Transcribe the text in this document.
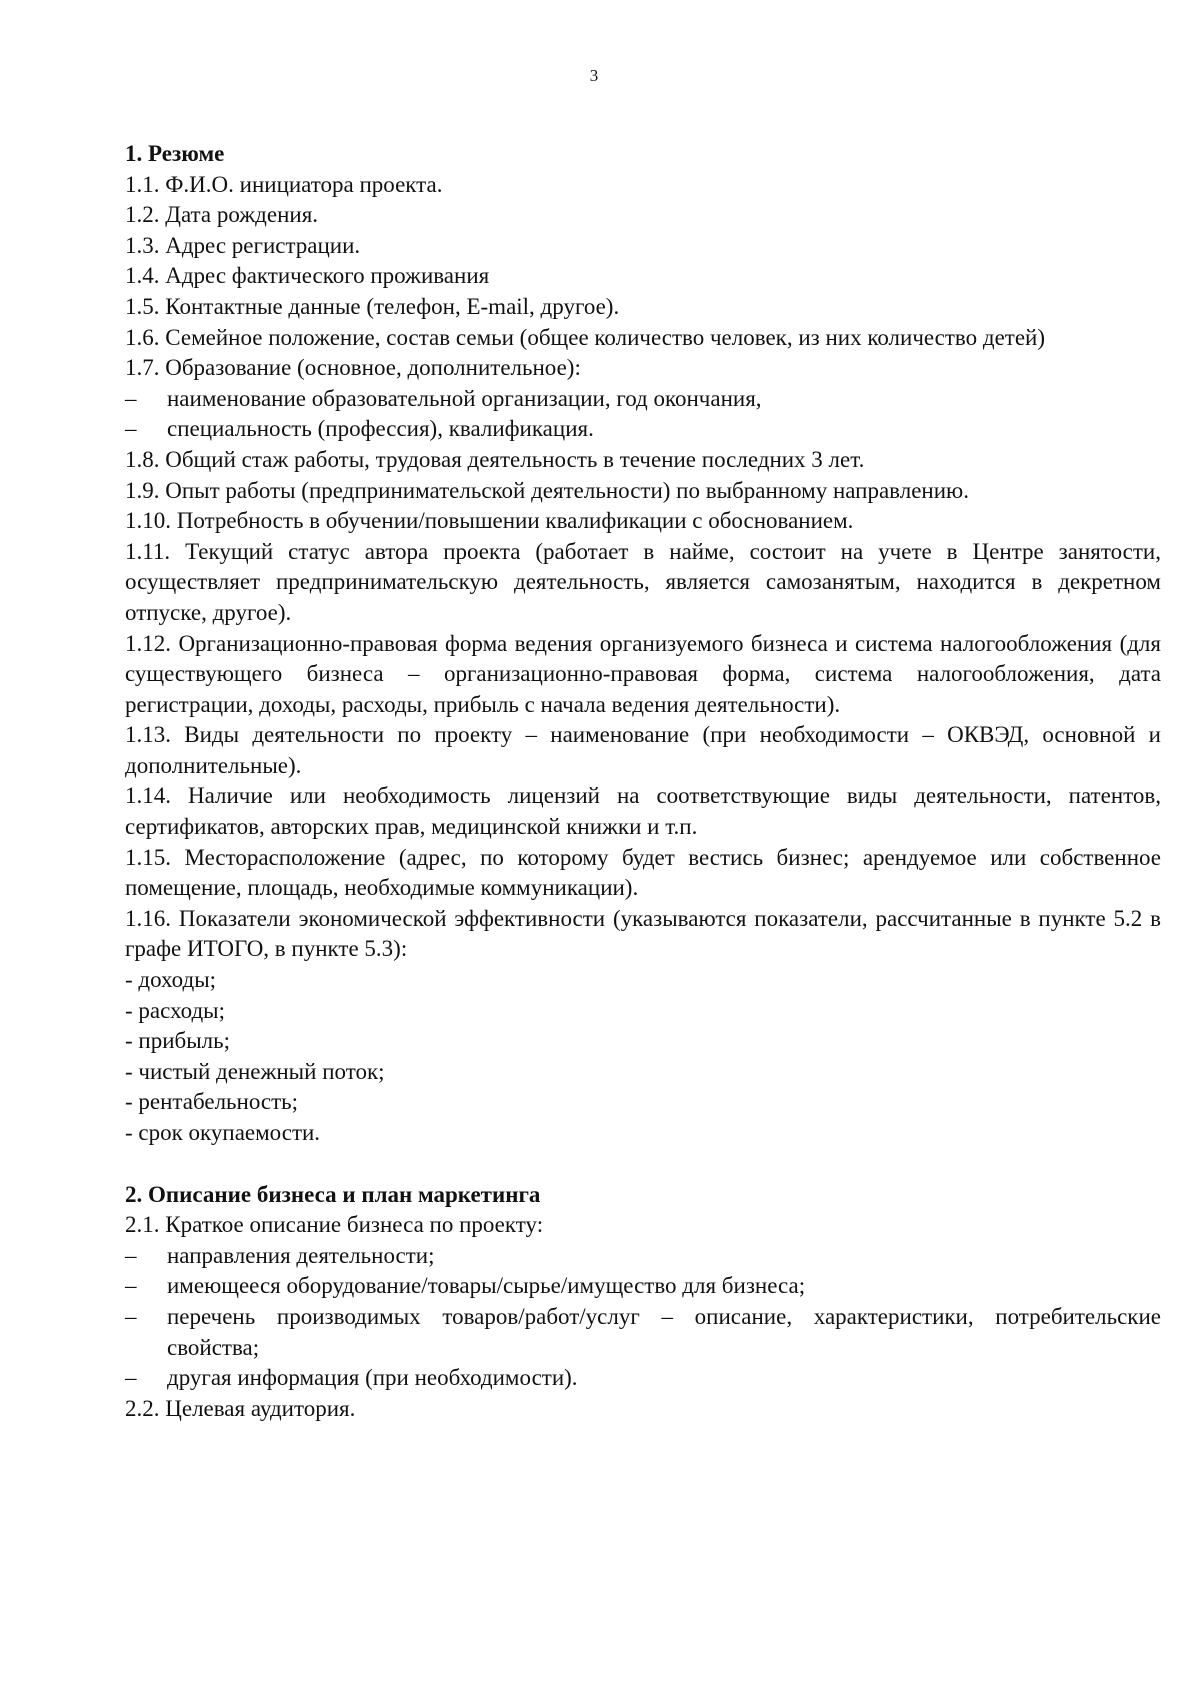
3

1. Резюме

1.1. Ф.И.О. инициатора проекта.

1.2. Дата рождения.

1.3. Адрес регистрации.

1.4. Адрес фактического проживания

1.5. Контактные данные (телефон, E-mail, другое).

1.6. Семейное положение, состав семьи (общее количество человек, из них количество детей)

1.7. Образование (основное, дополнительное):

– наименование образовательной организации, год окончания,

– специальность (профессия), квалификация.

1.8. Общий стаж работы, трудовая деятельность в течение последних 3 лет.

1.9. Опыт работы (предпринимательской деятельности) по выбранному направлению.

1.10. Потребность в обучении/повышении квалификации с обоснованием.

1.11. Текущий статус автора проекта (работает в найме, состоит на учете в Центре занятости, осуществляет предпринимательскую деятельность, является самозанятым, находится в декретном отпуске, другое).

1.12. Организационно-правовая форма ведения организуемого бизнеса и система налогообложения (для существующего бизнеса – организационно-правовая форма, система налогообложения, дата регистрации, доходы, расходы, прибыль с начала ведения деятельности).

1.13. Виды деятельности по проекту – наименование (при необходимости – ОКВЭД, основной и дополнительные).

1.14. Наличие или необходимость лицензий на соответствующие виды деятельности, патентов, сертификатов, авторских прав, медицинской книжки и т.п.

1.15. Месторасположение (адрес, по которому будет вестись бизнес; арендуемое или собственное помещение, площадь, необходимые коммуникации).

1.16. Показатели экономической эффективности (указываются показатели, рассчитанные в пункте 5.2 в графе ИТОГО, в пункте 5.3):

- доходы;

- расходы;

- прибыль;

- чистый денежный поток;

- рентабельность;

- срок окупаемости.

2. Описание бизнеса и план маркетинга

2.1. Краткое описание бизнеса по проекту:

– направления деятельности;

– имеющееся оборудование/товары/сырье/имущество для бизнеса;

– перечень производимых товаров/работ/услуг – описание, характеристики, потребительские свойства;

– другая информация (при необходимости).

2.2. Целевая аудитория.
